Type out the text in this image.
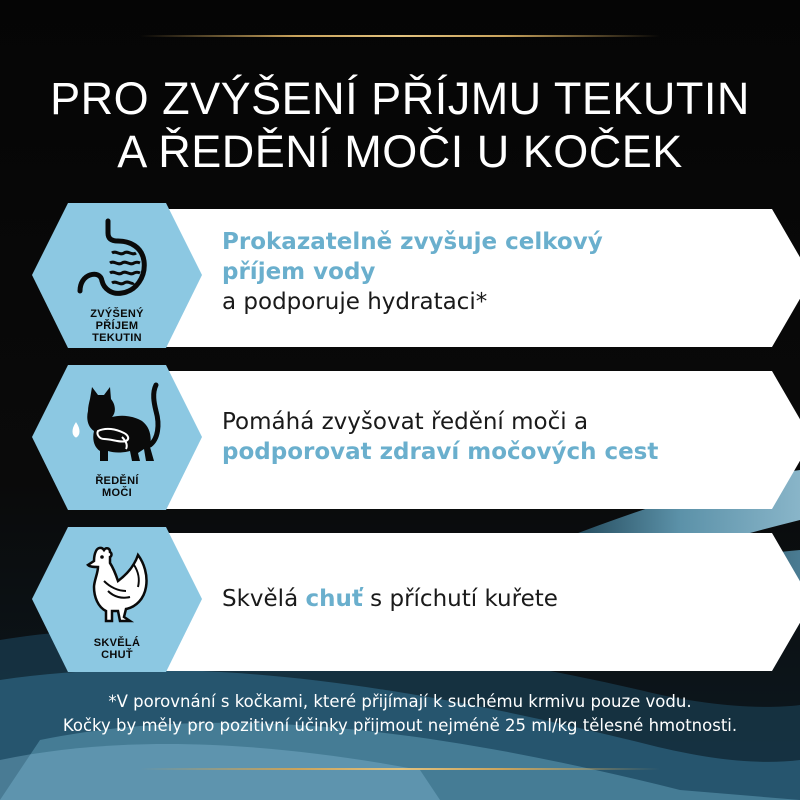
PRO ZVÝŠENÍ PŘÍJMU TEKUTIN
A ŘEDĚNÍ MOČI U KOČEK
ZVÝŠENÝ
PŘÍJEM
TEKUTIN
Prokazatelně zvyšuje celkový
příjem vody
a podporuje hydrataci*
ŘEDĚNÍ
MOČI
Pomáhá zvyšovat ředění moči a
podporovat zdraví močových cest
SKVĚLÁ
CHUŤ
Skvělá chuť s příchutí kuřete
*V porovnání s kočkami, které přijímají k suchému krmivu pouze vodu.
Kočky by měly pro pozitivní účinky přijmout nejméně 25 ml/kg tělesné hmotnosti.
